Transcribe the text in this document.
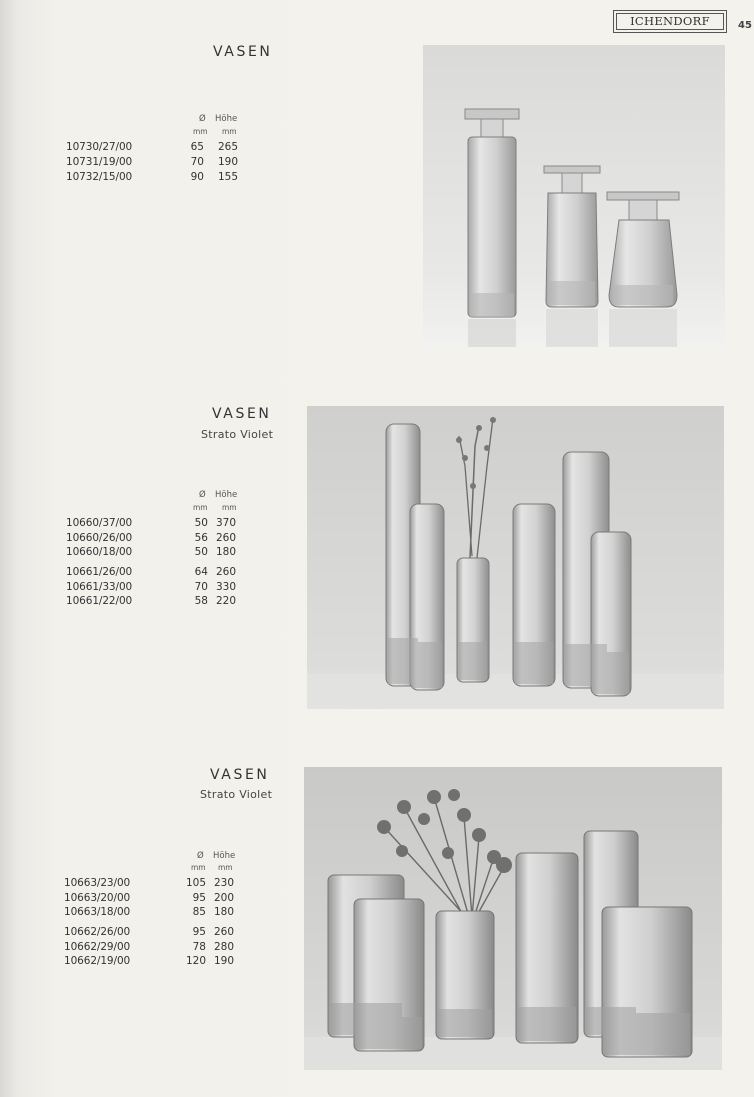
ICHENDORF	45
VASEN
Ø Höhe
mm mm
10730/27/00	65	265
10731/19/00	70	190
10732/15/00	90	155
VASEN
Strato Violet
Ø Höhe
mm mm
10660/37/00	50 370
10660/26/00	56 260
10660/18/00	50 180
10661/26/00	64 260
10661/33/00	70 330
10661/22/00	58 220
VASEN
Strato Violet
Ø Höhe
mm mm
10663/23/00	105 230
10663/20/00	95 200
10663/18/00	85 180
10662/26/00	95 260
10662/29/00	78 280
10662/19/00	120 190
